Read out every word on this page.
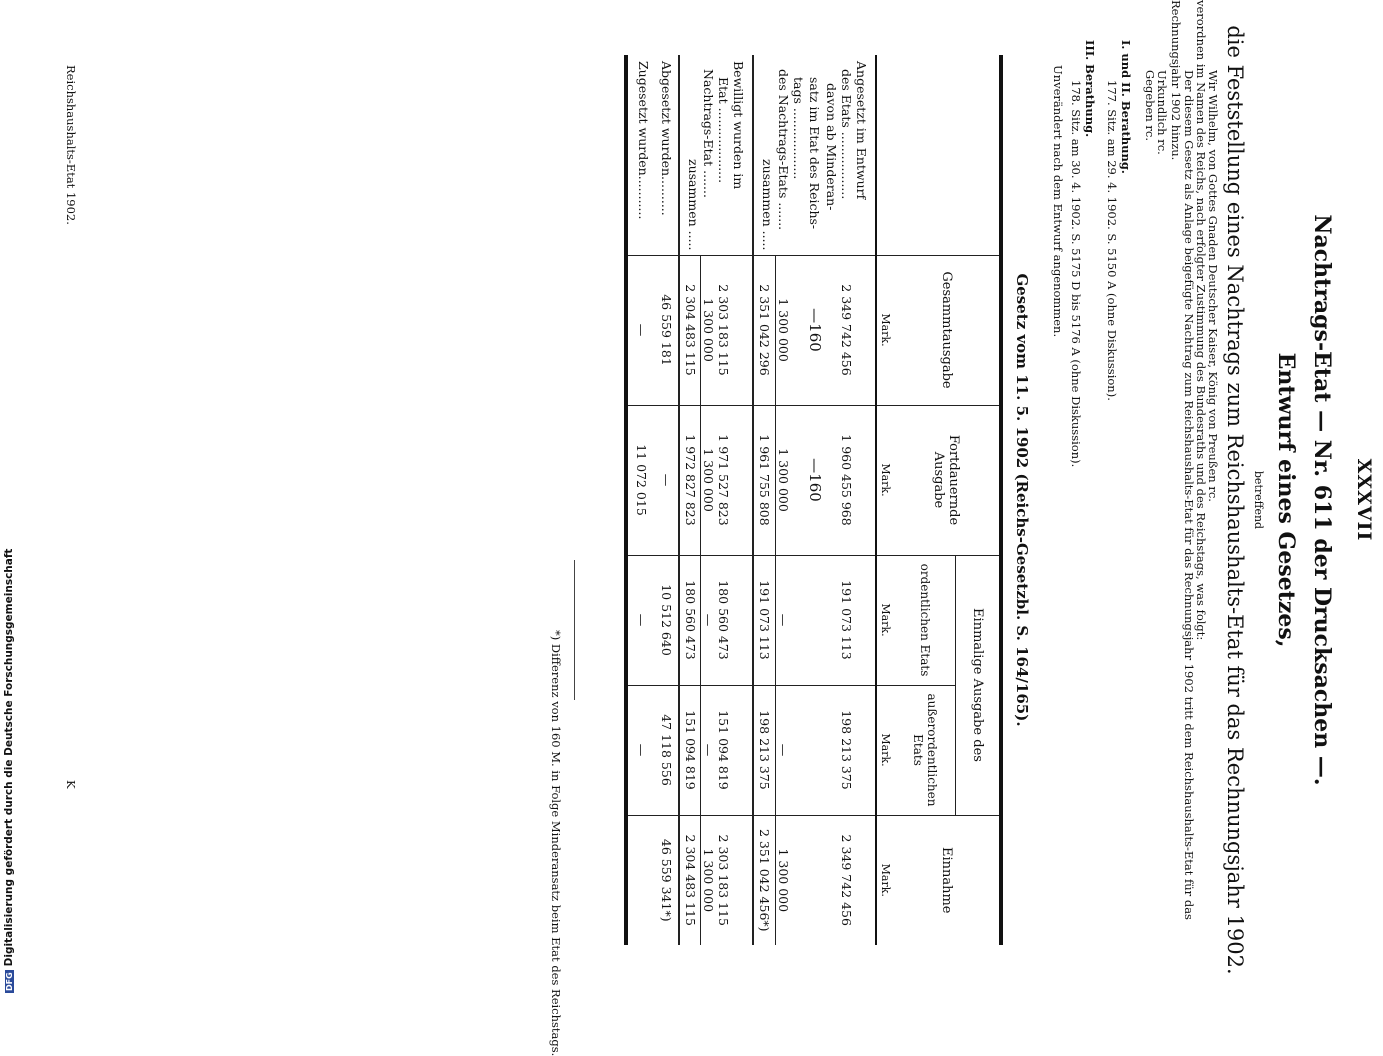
XXXVII
Nachtrags-Etat — Nr. 611 der Drucksachen —.
Entwurf eines Gesetzes,
betreffend
die Feststellung eines Nachtrags zum Reichshaushalts-Etat für das Rechnungsjahr 1902.
Wir Wilhelm, von Gottes Gnaden Deutscher Kaiser, König von Preußen rc.
verordnen im Namen des Reichs, nach erfolgter Zustimmung des Bundesraths und des Reichstags, was folgt:
Der diesem Gesetz als Anlage beigefügte Nachtrag zum Reichshaushalts-Etat für das Rechnungsjahr 1902 tritt dem Reichshaushalts-Etat für das Rechnungsjahr 1902 hinzu.
Urkundlich rc.
Gegeben rc.
I. und II. Berathung.
177. Sitz. am 29. 4. 1902. S. 5150 A (ohne Diskussion).
III. Berathung.
178. Sitz. am 30. 4. 1902. S. 5175 D bis 5176 A (ohne Diskussion).
Unverändert nach dem Entwurf angenommen.
Gesetz vom 11. 5. 1902 (Reichs-Gesetzbl. S. 164/165).
	Gesammtausgabe	Fortdauernde Ausgabe	Einmalige Ausgabe des		Einnahme
			ordentlichen Etats	außerordentlichen Etats	
	Mark.	Mark.	Mark.	Mark.	Mark.
Angesetzt im Entwurf					
des Etats .................	2 349 742 456	1 960 455 968	191 073 113	198 213 375	2 349 742 456
davon ab Minderan-					
satz im Etat des Reichs-	—160	—160			
tags ..................					
des Nachtrags-Etats .......	1 300 000	1 300 000	—	—	1 300 000
zusammen .....	2 351 042 296	1 961 755 808	191 073 113	198 213 375	2 351 042 456*)
Bewilligt wurden im					
Etat ...................	2 303 183 115	1 971 527 823	180 560 473	151 094 819	2 303 183 115
Nachtrags-Etat .......	1 300 000	1 300 000	—	—	1 300 000
zusammen .....	2 304 483 115	1 972 827 823	180 560 473	151 094 819	2 304 483 115
Abgesetzt wurden..........	46 559 181	—	10 512 640	47 118 556	46 559 341*)
Zugesetzt wurden...........	—	11 072 015	—	—	
*) Differenz von 160 M. in Folge Minderansatz beim Etat des Reichstags.
Reichshaushalts-Etat 1902.
K
DFGDigitalisierung gefördert durch die Deutsche Forschungsgemeinschaft
